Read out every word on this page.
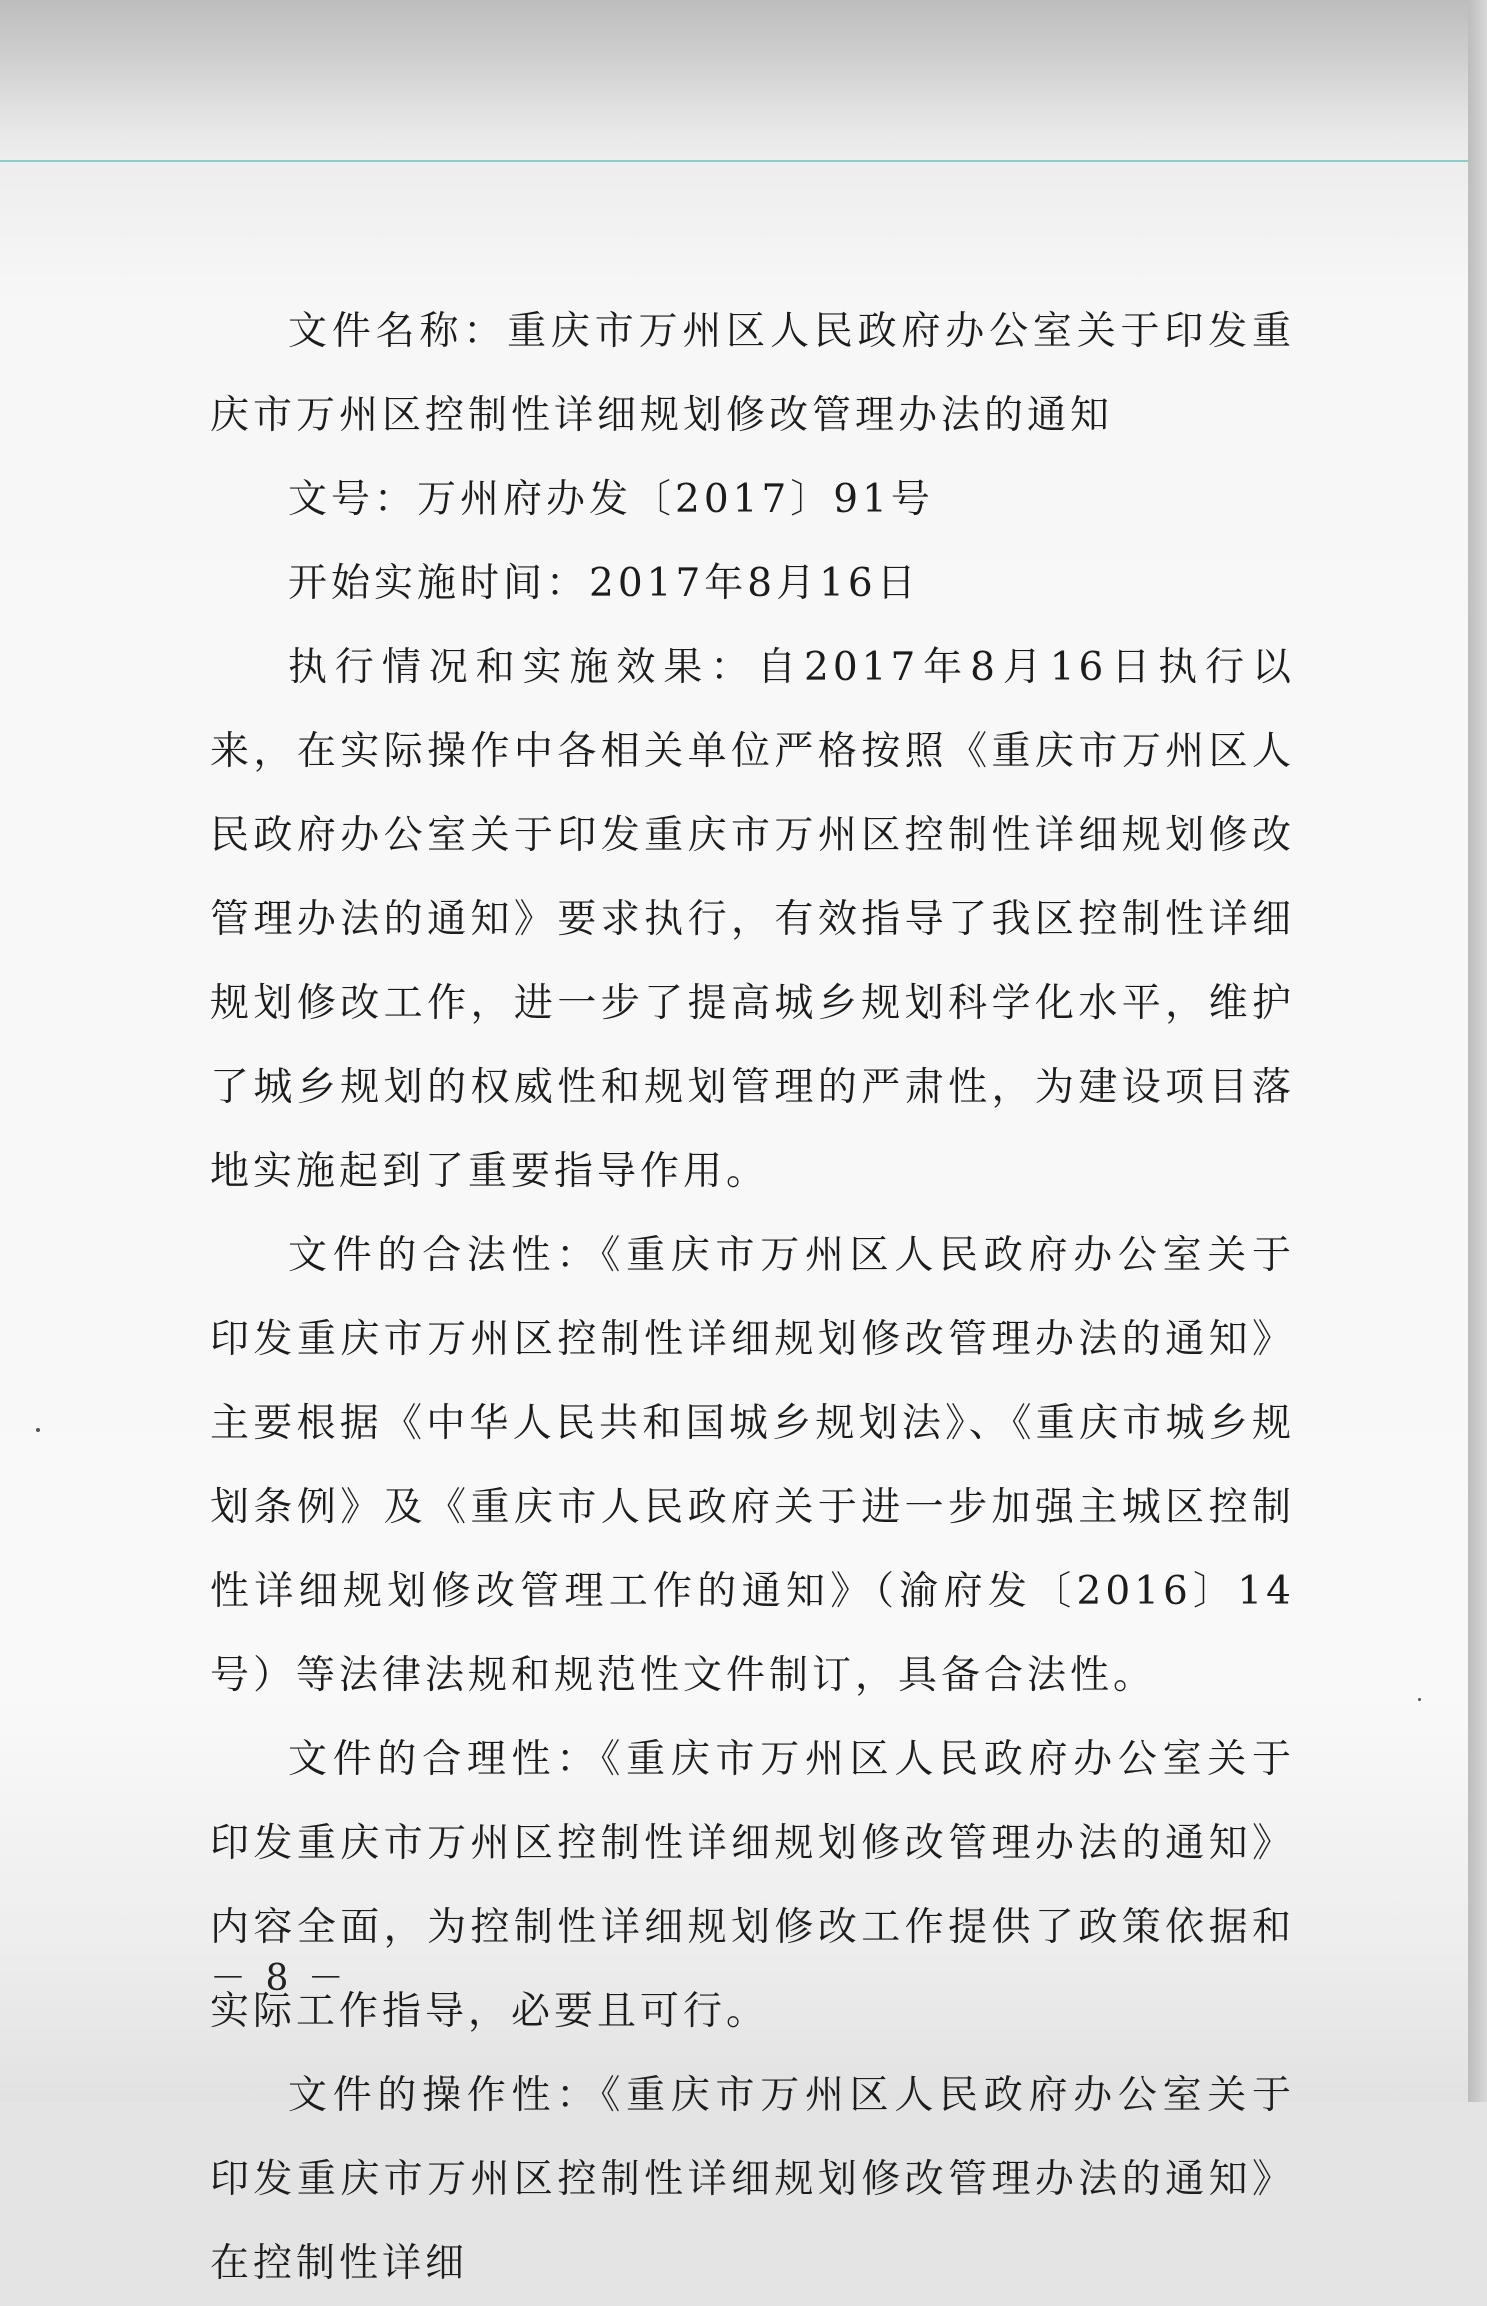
文件名称：重庆市万州区人民政府办公室关于印发重庆市万州区控制性详细规划修改管理办法的通知

文号：万州府办发〔2017〕91号

开始实施时间：2017年8月16日

执行情况和实施效果：自2017年8月16日执行以来，在实际操作中各相关单位严格按照《重庆市万州区人民政府办公室关于印发重庆市万州区控制性详细规划修改管理办法的通知》要求执行，有效指导了我区控制性详细规划修改工作，进一步了提高城乡规划科学化水平，维护了城乡规划的权威性和规划管理的严肃性，为建设项目落地实施起到了重要指导作用。

文件的合法性：《重庆市万州区人民政府办公室关于印发重庆市万州区控制性详细规划修改管理办法的通知》主要根据《中华人民共和国城乡规划法》、《重庆市城乡规划条例》及《重庆市人民政府关于进一步加强主城区控制性详细规划修改管理工作的通知》（渝府发〔2016〕14号）等法律法规和规范性文件制订，具备合法性。

文件的合理性：《重庆市万州区人民政府办公室关于印发重庆市万州区控制性详细规划修改管理办法的通知》内容全面，为控制性详细规划修改工作提供了政策依据和实际工作指导，必要且可行。

文件的操作性：《重庆市万州区人民政府办公室关于印发重庆市万州区控制性详细规划修改管理办法的通知》在控制性详细

－ 8 －
